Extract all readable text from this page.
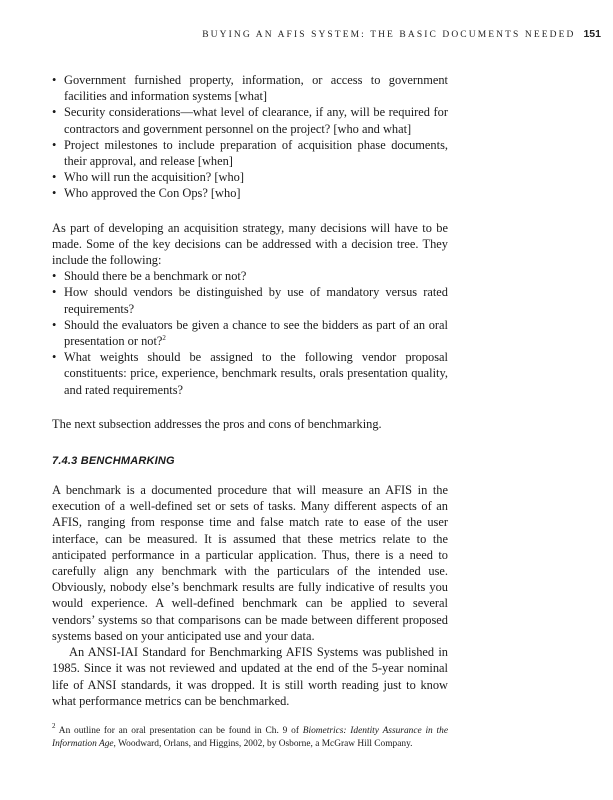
BUYING AN AFIS SYSTEM: THE BASIC DOCUMENTS NEEDED 151
• Government furnished property, information, or access to government facilities and information systems [what]
• Security considerations—what level of clearance, if any, will be required for contractors and government personnel on the project? [who and what]
• Project milestones to include preparation of acquisition phase documents, their approval, and release [when]
• Who will run the acquisition? [who]
• Who approved the Con Ops? [who]

As part of developing an acquisition strategy, many decisions will have to be made. Some of the key decisions can be addressed with a decision tree. They include the following:

• Should there be a benchmark or not?
• How should vendors be distinguished by use of mandatory versus rated requirements?
• Should the evaluators be given a chance to see the bidders as part of an oral presentation or not?$^2$
• What weights should be assigned to the following vendor proposal constituents: price, experience, benchmark results, orals presentation quality, and rated requirements?

The next subsection addresses the pros and cons of benchmarking.

7.4.3 BENCHMARKING

A benchmark is a documented procedure that will measure an AFIS in the execution of a well-defined set or sets of tasks. Many different aspects of an AFIS, ranging from response time and false match rate to ease of the user interface, can be measured. It is assumed that these metrics relate to the anticipated performance in a particular application. Thus, there is a need to carefully align any benchmark with the particulars of the intended use. Obviously, nobody else’s benchmark results are fully indicative of results you would experience. A well-defined benchmark can be applied to several vendors’ systems so that comparisons can be made between different proposed systems based on your anticipated use and your data.

An ANSI-IAI Standard for Benchmarking AFIS Systems was published in 1985. Since it was not reviewed and updated at the end of the 5-year nominal life of ANSI standards, it was dropped. It is still worth reading just to know what performance metrics can be benchmarked.

$^2$ An outline for an oral presentation can be found in Ch. 9 of Biometrics: Identity Assurance in the Information Age, Woodward, Orlans, and Higgins, 2002, by Osborne, a McGraw Hill Company.
